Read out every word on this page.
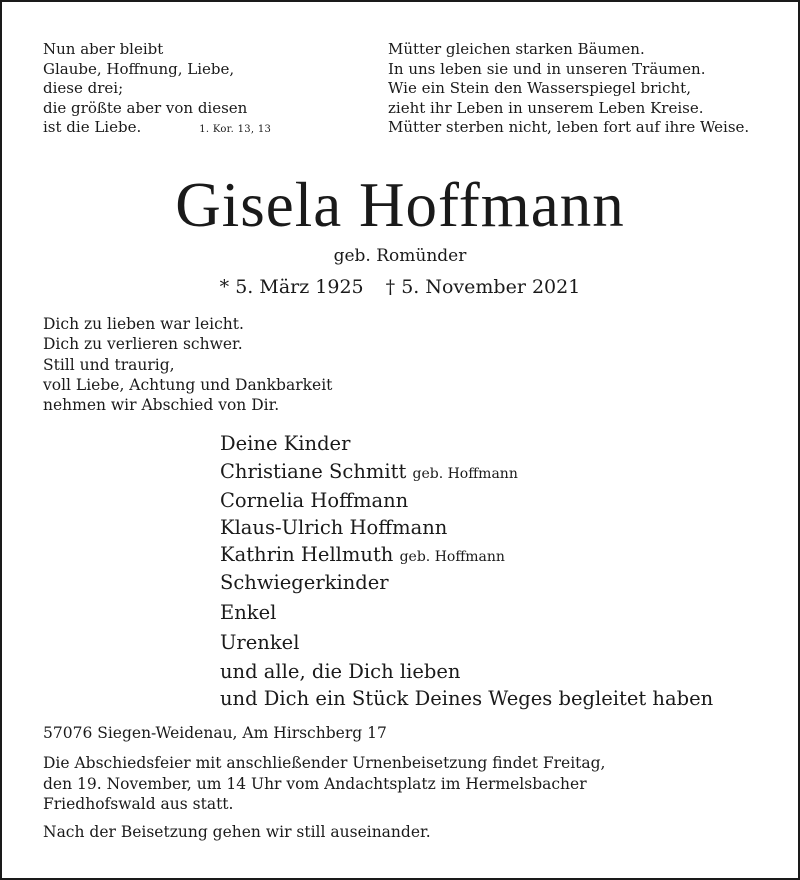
Nun aber bleibt
Glaube, Hoffnung, Liebe,
diese drei;
die größte aber von diesen
ist die Liebe.	1. Kor. 13, 13
Mütter gleichen starken Bäumen.
In uns leben sie und in unseren Träumen.
Wie ein Stein den Wasserspiegel bricht,
zieht ihr Leben in unserem Leben Kreise.
Mütter sterben nicht, leben fort auf ihre Weise.
Gisela Hoffmann
geb. Romünder
* 5. März 1925 † 5. November 2021
Dich zu lieben war leicht.
Dich zu verlieren schwer.
Still und traurig,
voll Liebe, Achtung und Dankbarkeit
nehmen wir Abschied von Dir.
Deine Kinder
Christiane Schmitt geb. Hoffmann
Cornelia Hoffmann
Klaus-Ulrich Hoffmann
Kathrin Hellmuth geb. Hoffmann
Schwiegerkinder
Enkel
Urenkel
und alle, die Dich lieben
und Dich ein Stück Deines Weges begleitet haben
57076 Siegen-Weidenau, Am Hirschberg 17
Die Abschiedsfeier mit anschließender Urnenbeisetzung findet Freitag,
den 19. November, um 14 Uhr vom Andachtsplatz im Hermelsbacher
Friedhofswald aus statt.
Nach der Beisetzung gehen wir still auseinander.
